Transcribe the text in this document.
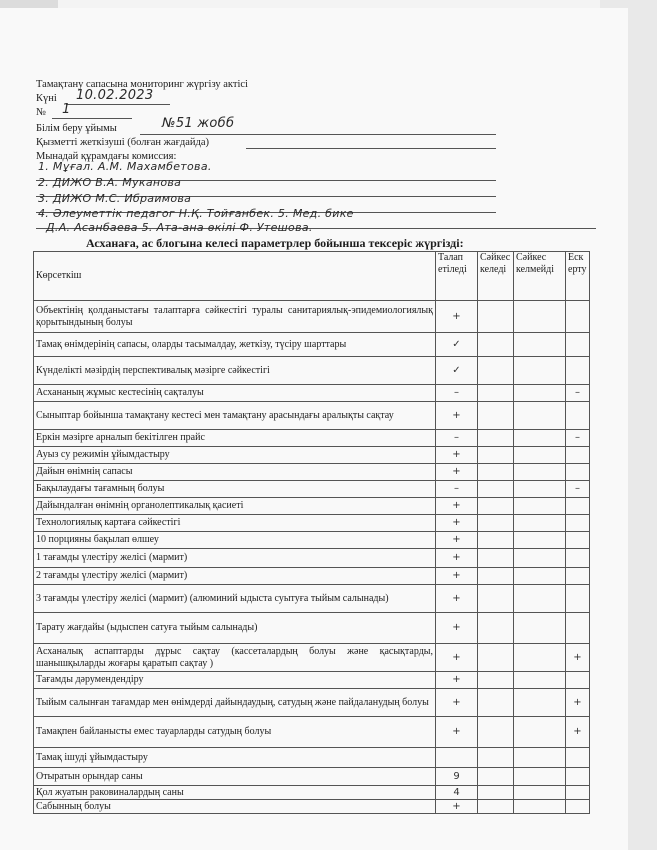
Тамақтану сапасына мониторинг жүргізу актісі
Күні 10.02.2023
№ 1
Білім беру ұйымы	№51 жобб
Қызметті жеткізуші (болған жағдайда)
Мынадай құрамдағы комиссия:
1. Мұғал. А.М. Махамбетова.
2. ДИЖО В.А. Муканова
3. ДИЖО М.С. Ибраимова
4. Әлеуметтік педагог Н.Қ. Тойғанбек. 5. Мед. бике
Д.А. Асанбаева 5. Ата-ана өкілі Ф. Утешова.
Асханаға, ас блогына келесі параметрлер бойынша тексеріс жүргізді:
Көрсеткіш	Талап етіледі	Сәйкес келеді	Сәйкес келмейді	Ескерту
Объектінің қолданыстағы талаптарға сәйкестігі туралы санитариялық-эпидемиологиялық қорытындының болуы	+			
Тамақ өнімдерінің сапасы, оларды тасымалдау, жеткізу, түсіру шарттары	✓			
Күнделікті мәзірдің перспективалық мәзірге сәйкестігі	✓			
Асхананың жұмыс кестесінің сақталуы	–			–
Сыныптар бойынша тамақтану кестесі мен тамақтану арасындағы аралықты сақтау	+			
Еркін мәзірге арналып бекітілген прайс	–			–
Ауыз су режимін ұйымдастыру	+			
Дайын өнімнің сапасы	+			
Бақылаудағы тағамның болуы	–			–
Дайындалған өнімнің органолептикалық қасиеті	+			
Технологиялық картаға сәйкестігі	+			
10 порцияны бақылап өлшеу	+			
1 тағамды үлестіру желісі (мармит)	+			
2 тағамды үлестіру желісі (мармит)	+			
3 тағамды үлестіру желісі (мармит) (алюминий ыдыста суытуға тыйым салынады)	+			
Тарату жағдайы (ыдыспен сатуға тыйым салынады)	+			
Асханалық аспаптарды дұрыс сақтау (кассеталардың болуы және қасықтарды, шанышқыларды жоғары қаратып сақтау )	+			+
Тағамды дәрумендендіру	+			
Тыйым салынған тағамдар мен өнімдерді дайындаудың, сатудың және пайдаланудың болуы	+			+
Тамақпен байланысты емес тауарларды сатудың болуы	+			+
Тамақ ішуді ұйымдастыру				
Отыратын орындар саны	9			
Қол жуатын раковиналардың саны	4			
Сабынның болуы	+			
